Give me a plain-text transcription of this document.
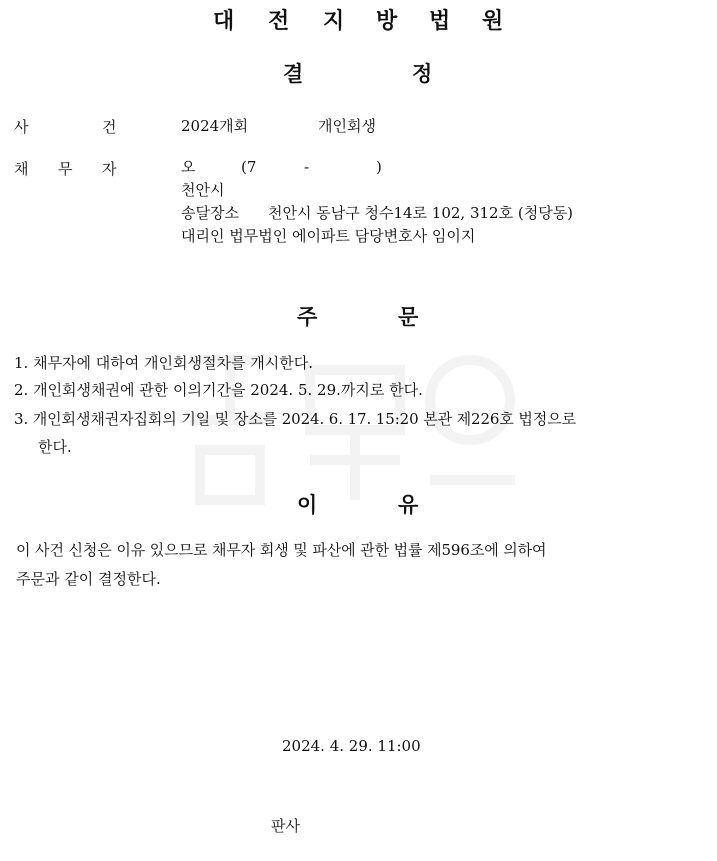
대 전 지 방 법 원
결	정
사	건	2024개회	개인회생
채 무 자	오	(7	-	)
천안시
송달장소 천안시 동남구 청수14로 102, 312호 (청당동)
대리인 법무법인 에이파트 담당변호사 임이지
주	문
1. 채무자에 대하여 개인회생절차를 개시한다.
2. 개인회생채권에 관한 이의기간을 2024. 5. 29.까지로 한다.
3. 개인회생채권자집회의 기일 및 장소를 2024. 6. 17. 15:20 본관 제226호 법정으로
한다.
이	유
이 사건 신청은 이유 있으므로 채무자 회생 및 파산에 관한 법률 제596조에 의하여
주문과 같이 결정한다.
2024. 4. 29. 11:00
판사
